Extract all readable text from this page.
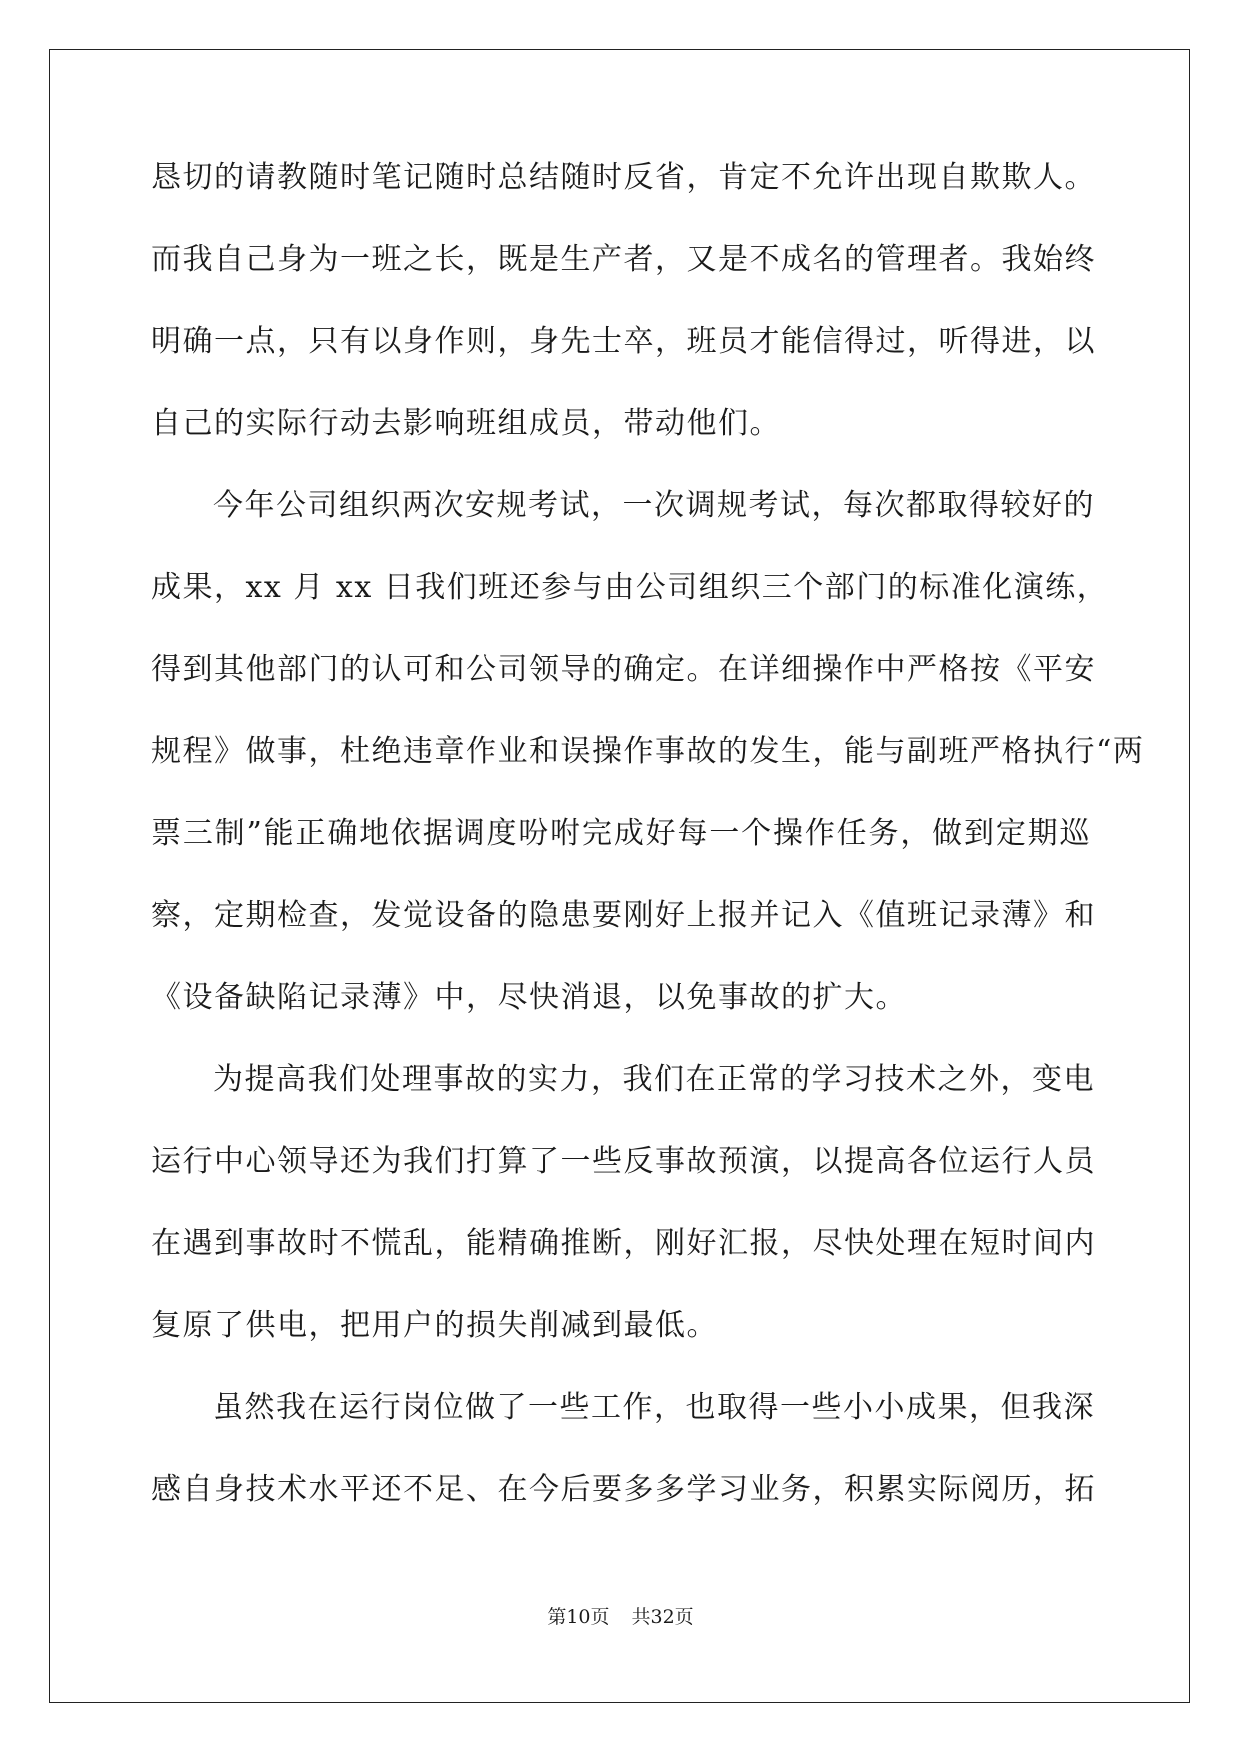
恳切的请教随时笔记随时总结随时反省，肯定不允许出现自欺欺人。
而我自己身为一班之长，既是生产者，又是不成名的管理者。我始终
明确一点，只有以身作则，身先士卒，班员才能信得过，听得进，以
自己的实际行动去影响班组成员，带动他们。
今年公司组织两次安规考试，一次调规考试，每次都取得较好的
成果，xx 月 xx 日我们班还参与由公司组织三个部门的标准化演练，
得到其他部门的认可和公司领导的确定。在详细操作中严格按《平安
规程》做事，杜绝违章作业和误操作事故的发生，能与副班严格执行“两
票三制”能正确地依据调度吩咐完成好每一个操作任务，做到定期巡
察，定期检查，发觉设备的隐患要刚好上报并记入《值班记录薄》和
《设备缺陷记录薄》中，尽快消退，以免事故的扩大。
为提高我们处理事故的实力，我们在正常的学习技术之外，变电
运行中心领导还为我们打算了一些反事故预演，以提高各位运行人员
在遇到事故时不慌乱，能精确推断，刚好汇报，尽快处理在短时间内
复原了供电，把用户的损失削减到最低。
虽然我在运行岗位做了一些工作，也取得一些小小成果，但我深
感自身技术水平还不足、在今后要多多学习业务，积累实际阅历，拓
第10页 共32页
